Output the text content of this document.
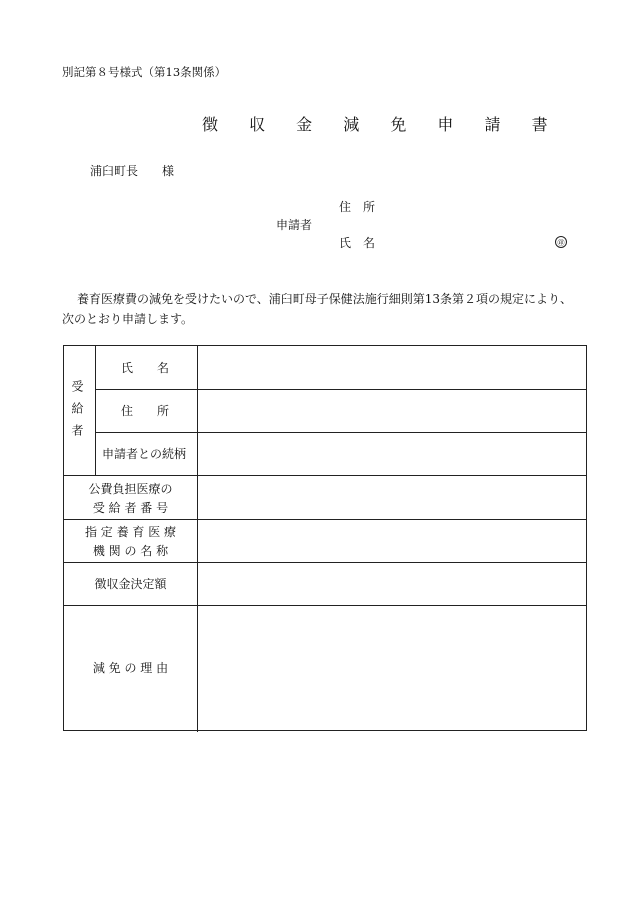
別記第８号様式（第13条関係）
徴 収 金 減 免 申 請 書
浦臼町長　　様
住　所
申請者
氏　名	㊞
養育医療費の減免を受けたいので、浦臼町母子保健法施行細則第13条第２項の規定により、
次のとおり申請します。
受給者
氏　　名
住　　所
申請者との続柄
公費負担医療の
受 給 者 番 号
指 定 養 育 医 療
機 関 の 名 称
徴収金決定額
減 免 の 理 由
